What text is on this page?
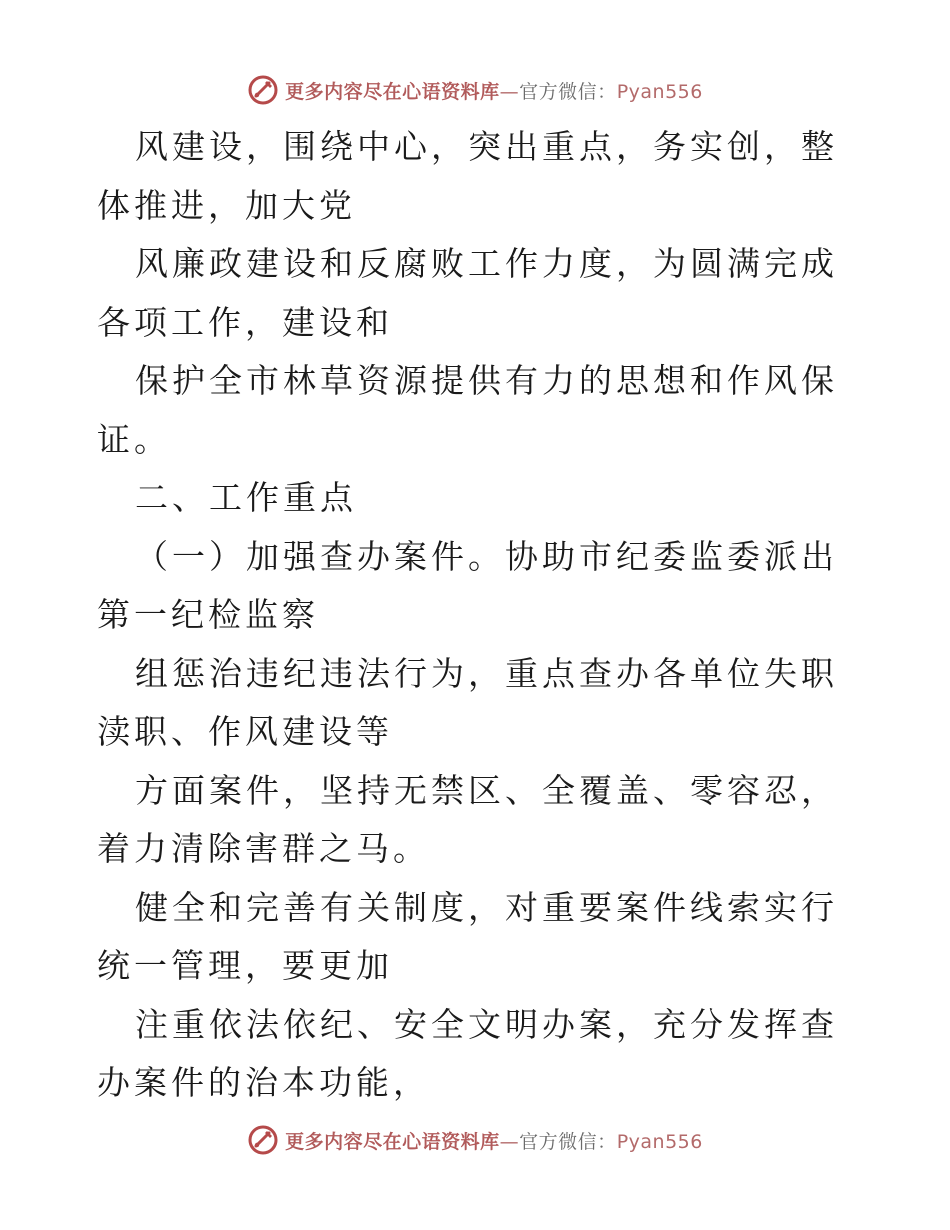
更多内容尽在心语资料库—官方微信：Pyan556

风建设，围绕中心，突出重点，务实创，整体推进，加大党

风廉政建设和反腐败工作力度，为圆满完成各项工作，建设和

保护全市林草资源提供有力的思想和作风保证。

二、工作重点

（一）加强查办案件。协助市纪委监委派出第一纪检监察

组惩治违纪违法行为，重点查办各单位失职渎职、作风建设等

方面案件，坚持无禁区、全覆盖、零容忍，着力清除害群之马。

健全和完善有关制度，对重要案件线索实行统一管理，要更加

注重依法依纪、安全文明办案，充分发挥查办案件的治本功能，

更多内容尽在心语资料库—官方微信：Pyan556
